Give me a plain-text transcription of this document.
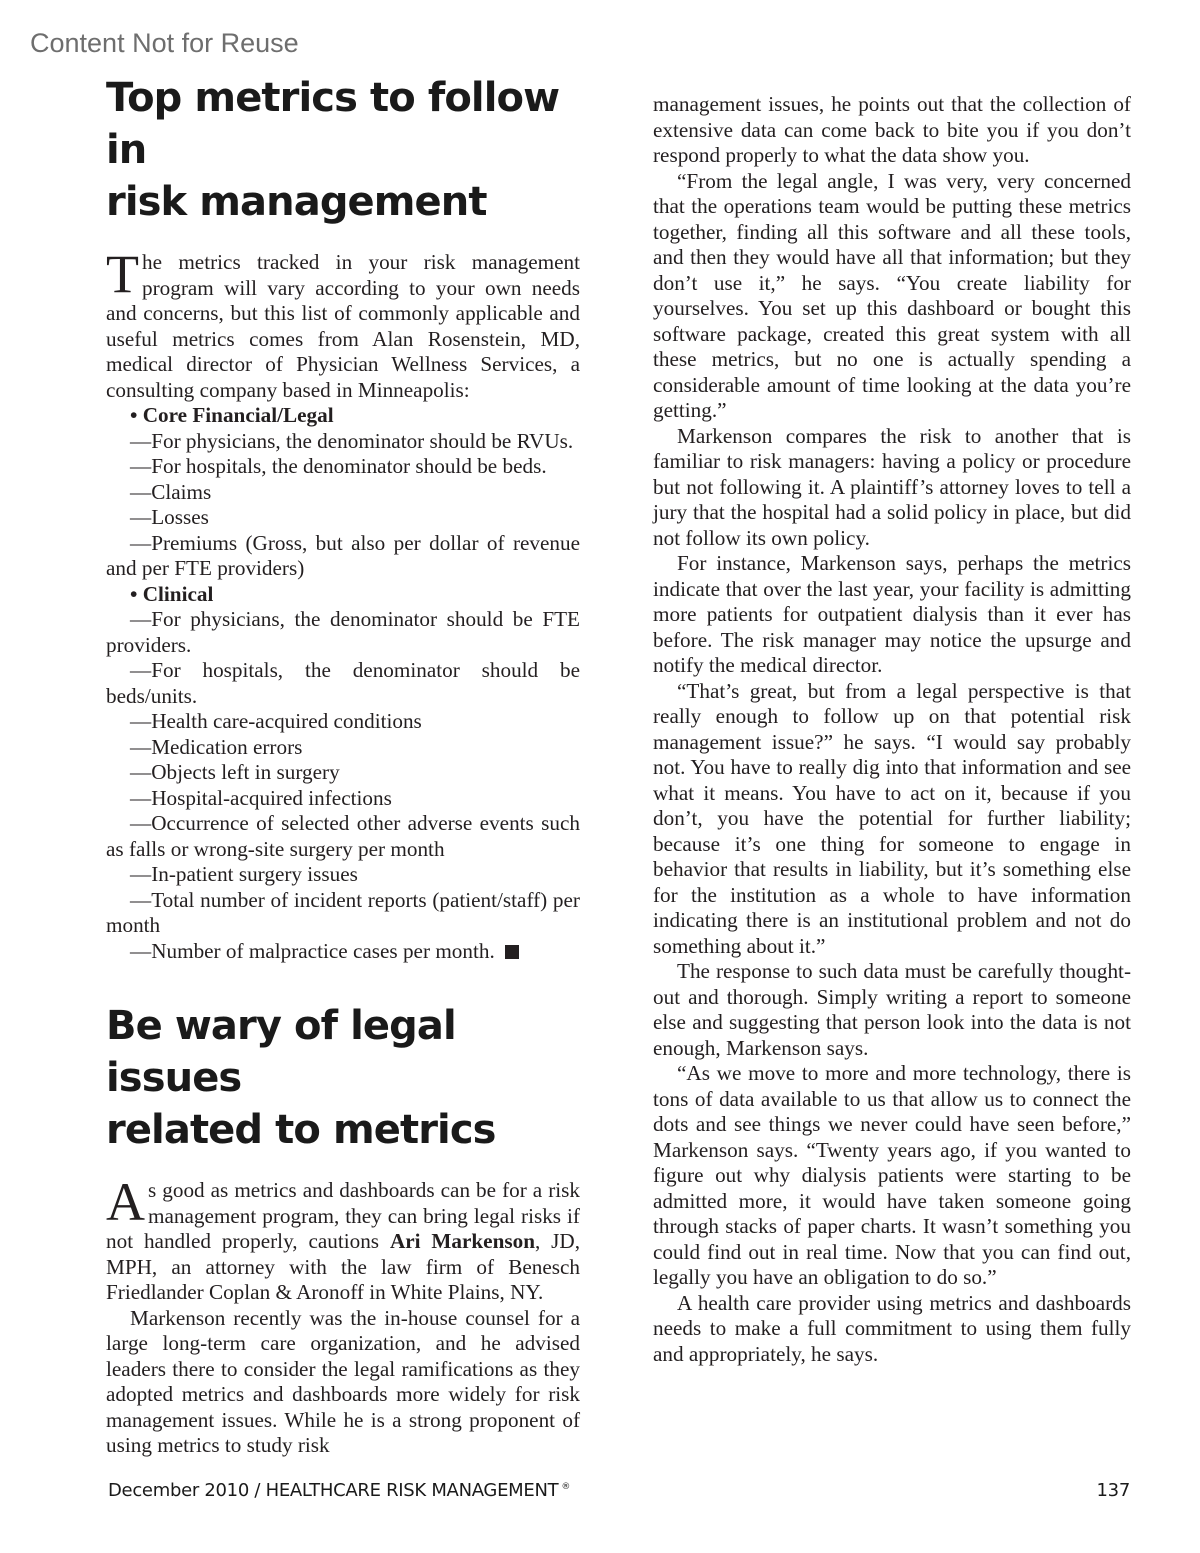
Content Not for Reuse
Top metrics to follow in
risk management

The metrics tracked in your risk management program will vary according to your own needs and concerns, but this list of commonly applicable and useful metrics comes from Alan Rosenstein, MD, medical director of Physician Wellness Services, a consulting company based in Minneapolis:

• Core Financial/Legal

—For physicians, the denominator should be RVUs.

—For hospitals, the denominator should be beds.

—Claims

—Losses

—Premiums (Gross, but also per dollar of revenue and per FTE providers)

• Clinical

—For physicians, the denominator should be FTE providers.

—For hospitals, the denominator should be beds/units.

—Health care-acquired conditions

—Medication errors

—Objects left in surgery

—Hospital-acquired infections

—Occurrence of selected other adverse events such as falls or wrong-site surgery per month

—In-patient surgery issues

—Total number of incident reports (patient/staff) per month

—Number of malpractice cases per month.

Be wary of legal issues
related to metrics

As good as metrics and dashboards can be for a risk management program, they can bring legal risks if not handled properly, cautions Ari Markenson, JD, MPH, an attorney with the law firm of Benesch Friedlander Coplan & Aronoff in White Plains, NY.

Markenson recently was the in-house counsel for a large long-term care organization, and he advised leaders there to consider the legal ramifications as they adopted metrics and dashboards more widely for risk management issues. While he is a strong proponent of using metrics to study risk

management issues, he points out that the collection of extensive data can come back to bite you if you don’t respond properly to what the data show you.

“From the legal angle, I was very, very concerned that the operations team would be putting these metrics together, finding all this software and all these tools, and then they would have all that information; but they don’t use it,” he says. “You create liability for yourselves. You set up this dashboard or bought this software package, created this great system with all these metrics, but no one is actually spending a considerable amount of time looking at the data you’re getting.”

Markenson compares the risk to another that is familiar to risk managers: having a policy or procedure but not following it. A plaintiff’s attorney loves to tell a jury that the hospital had a solid policy in place, but did not follow its own policy.

For instance, Markenson says, perhaps the metrics indicate that over the last year, your facility is admitting more patients for outpatient dialysis than it ever has before. The risk manager may notice the upsurge and notify the medical director.

“That’s great, but from a legal perspective is that really enough to follow up on that potential risk management issue?” he says. “I would say probably not. You have to really dig into that information and see what it means. You have to act on it, because if you don’t, you have the potential for further liability; because it’s one thing for someone to engage in behavior that results in liability, but it’s something else for the institution as a whole to have information indicating there is an institutional problem and not do something about it.”

The response to such data must be carefully thought-out and thorough. Simply writing a report to someone else and suggesting that person look into the data is not enough, Markenson says.

“As we move to more and more technology, there is tons of data available to us that allow us to connect the dots and see things we never could have seen before,” Markenson says. “Twenty years ago, if you wanted to figure out why dialysis patients were starting to be admitted more, it would have taken someone going through stacks of paper charts. It wasn’t something you could find out in real time. Now that you can find out, legally you have an obligation to do so.”

A health care provider using metrics and dashboards needs to make a full commitment to using them fully and appropriately, he says.

December 2010 / HEALTHCARE RISK MANAGEMENT ®	137
